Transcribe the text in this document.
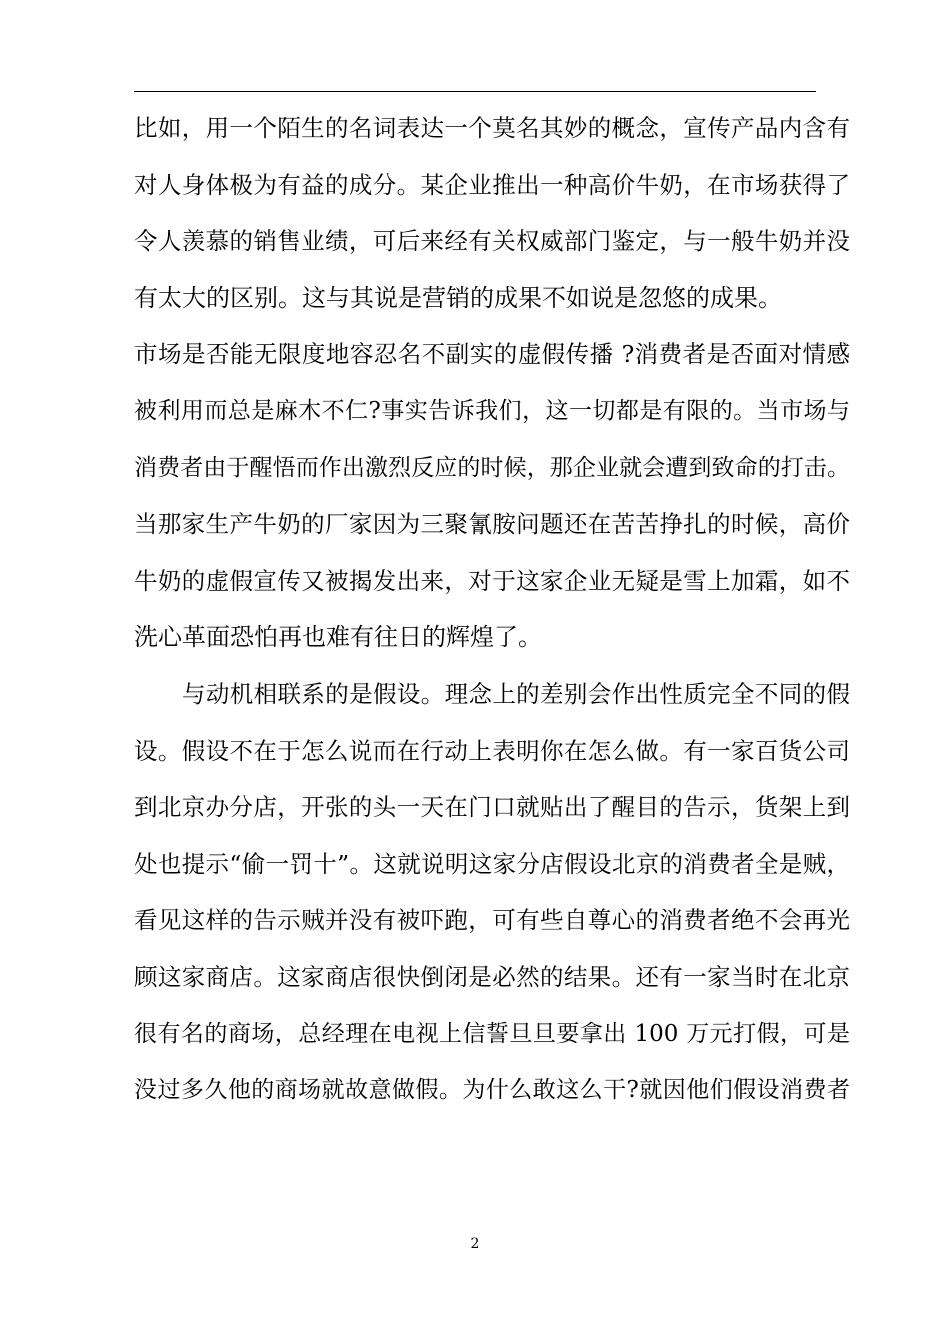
比如，用一个陌生的名词表达一个莫名其妙的概念，宣传产品内含有
对人身体极为有益的成分。某企业推出一种高价牛奶，在市场获得了
令人羡慕的销售业绩，可后来经有关权威部门鉴定，与一般牛奶并没
有太大的区别。这与其说是营销的成果不如说是忽悠的成果。
市场是否能无限度地容忍名不副实的虚假传播 ?消费者是否面对情感
被利用而总是麻木不仁?事实告诉我们，这一切都是有限的。当市场与
消费者由于醒悟而作出激烈反应的时候，那企业就会遭到致命的打击。
当那家生产牛奶的厂家因为三聚氰胺问题还在苦苦挣扎的时候，高价
牛奶的虚假宣传又被揭发出来，对于这家企业无疑是雪上加霜，如不
洗心革面恐怕再也难有往日的辉煌了。
与动机相联系的是假设。理念上的差别会作出性质完全不同的假
设。假设不在于怎么说而在行动上表明你在怎么做。有一家百货公司
到北京办分店，开张的头一天在门口就贴出了醒目的告示，货架上到
处也提示“偷一罚十”。这就说明这家分店假设北京的消费者全是贼，
看见这样的告示贼并没有被吓跑，可有些自尊心的消费者绝不会再光
顾这家商店。这家商店很快倒闭是必然的结果。还有一家当时在北京
很有名的商场，总经理在电视上信誓旦旦要拿出 100 万元打假，可是
没过多久他的商场就故意做假。为什么敢这么干?就因他们假设消费者
2
